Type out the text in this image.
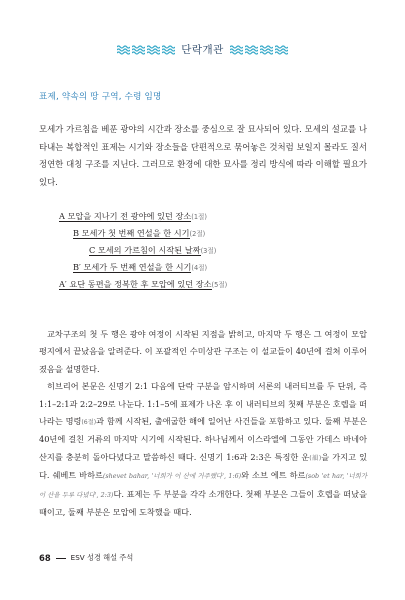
단락개관
표제, 약속의 땅 구역, 수령 임명

모세가 가르침을 베푼 광야의 시간과 장소를 중심으로 잘 묘사되어 있다. 모세의 설교를 나타내는 복합적인 표제는 시기와 장소들을 단편적으로 묶어놓은 것처럼 보일지 몰라도 질서정연한 대칭 구조를 지닌다. 그러므로 환경에 대한 묘사를 정리 방식에 따라 이해할 필요가 있다.

A 모압을 지나기 전 광야에 있던 장소(1절)
B 모세가 첫 번째 연설을 한 시기(2절)
C 모세의 가르침이 시작된 날짜(3절)
B′ 모세가 두 번째 연설을 한 시기(4절)
A′ 요단 동편을 정복한 후 모압에 있던 장소(5절)
교차구조의 첫 두 행은 광야 여정이 시작된 지점을 밝히고, 마지막 두 행은 그 여정이 모압 평지에서 끝났음을 알려준다. 이 포괄적인 수미상관 구조는 이 설교들이 40년에 걸쳐 이루어졌음을 설명한다.
히브리어 본문은 신명기 2:1 다음에 단락 구분을 암시하며 서론의 내러티브를 두 단위, 즉 1:1–2:1과 2:2–29로 나눈다. 1:1–5에 표제가 나온 후 이 내러티브의 첫째 부분은 호렙을 떠나라는 명령(6절)과 함께 시작된, 출애굽한 해에 일어난 사건들을 포함하고 있다. 둘째 부분은 40년에 걸친 거류의 마지막 시기에 시작된다. 하나님께서 이스라엘에 그동안 가데스 바네아 산지를 충분히 돌아다녔다고 말씀하신 때다. 신명기 1:6과 2:3은 특징한 운(韻)을 가지고 있다. 쉐베트 바하르(shevet bahar, '너희가 이 산에 거주했다', 1:6)와 소브 에트 하르(sob 'et har, '너희가 이 산을 두루 다녔다', 2:3)다. 표제는 두 부분을 각각 소개한다. 첫째 부분은 그들이 호렙을 떠났을 때이고, 둘째 부분은 모압에 도착했을 때다.
68	ESV 성경 해설 주석
